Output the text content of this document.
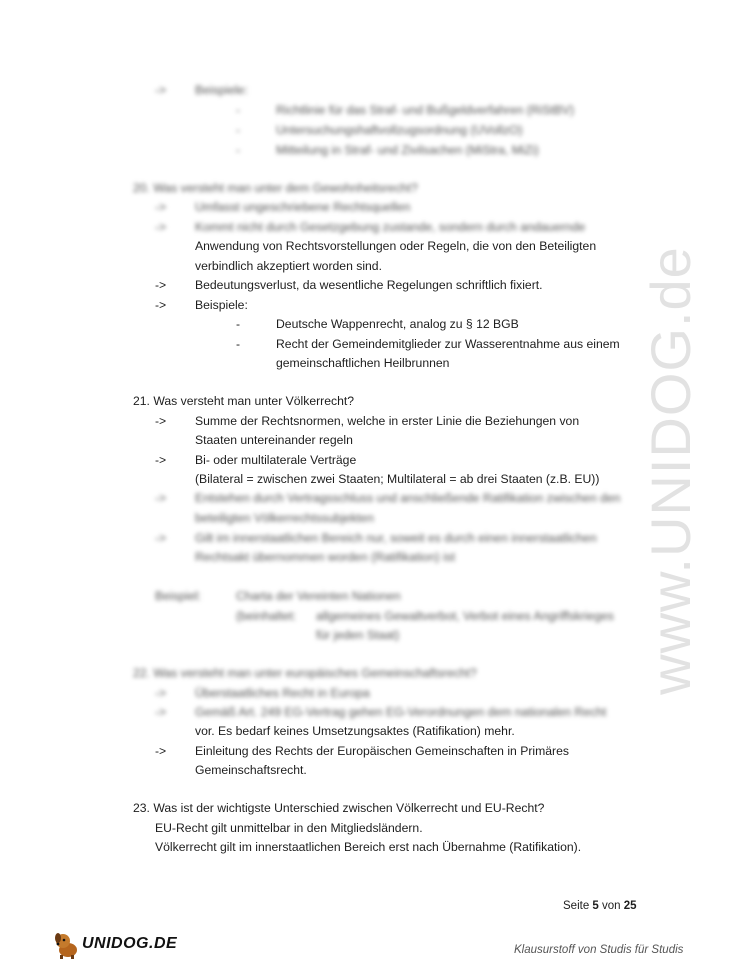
www.UNIDOG.de
-> Beispiele:
-	Richtlinie für das Straf- und Bußgeldverfahren (RiStBV)
-	Untersuchungshaftvollzugsordnung (UVollzO)
-	Mitteilung in Straf- und Zivilsachen (MiStra, MiZi)
20. Was versteht man unter dem Gewohnheitsrecht?
-> Umfasst ungeschriebene Rechtsquellen
-> Kommt nicht durch Gesetzgebung zustande, sondern durch andauernde
Anwendung von Rechtsvorstellungen oder Regeln, die von den Beteiligten
verbindlich akzeptiert worden sind.
-> Bedeutungsverlust, da wesentliche Regelungen schriftlich fixiert.
-> Beispiele:
-	Deutsche Wappenrecht, analog zu § 12 BGB
-	Recht der Gemeindemitglieder zur Wasserentnahme aus einem
gemeinschaftlichen Heilbrunnen
21. Was versteht man unter Völkerrecht?
-> Summe der Rechtsnormen, welche in erster Linie die Beziehungen von
Staaten untereinander regeln
-> Bi- oder multilaterale Verträge
(Bilateral = zwischen zwei Staaten; Multilateral = ab drei Staaten (z.B. EU))
-> Entstehen durch Vertragsschluss und anschließende Ratifikation zwischen den
beteiligten Völkerrechtssubjekten
-> Gilt im innerstaatlichen Bereich nur, soweit es durch einen innerstaatlichen
Rechtsakt übernommen worden (Ratifikation) ist
Beispiel:	Charta der Vereinten Nationen
(beinhaltet: allgemeines Gewaltverbot, Verbot eines Angriffskrieges
für jeden Staat)
22. Was versteht man unter europäisches Gemeinschaftsrecht?
-> Überstaatliches Recht in Europa
-> Gemäß Art. 249 EG-Vertrag gehen EG-Verordnungen dem nationalen Recht
vor. Es bedarf keines Umsetzungsaktes (Ratifikation) mehr.
-> Einleitung des Rechts der Europäischen Gemeinschaften in Primäres
Gemeinschaftsrecht.
23. Was ist der wichtigste Unterschied zwischen Völkerrecht und EU-Recht?
EU-Recht gilt unmittelbar in den Mitgliedsländern.
Völkerrecht gilt im innerstaatlichen Bereich erst nach Übernahme (Ratifikation).
Seite 5 von 25
UNIDOG.DE	Klausurstoff von Studis für Studis
